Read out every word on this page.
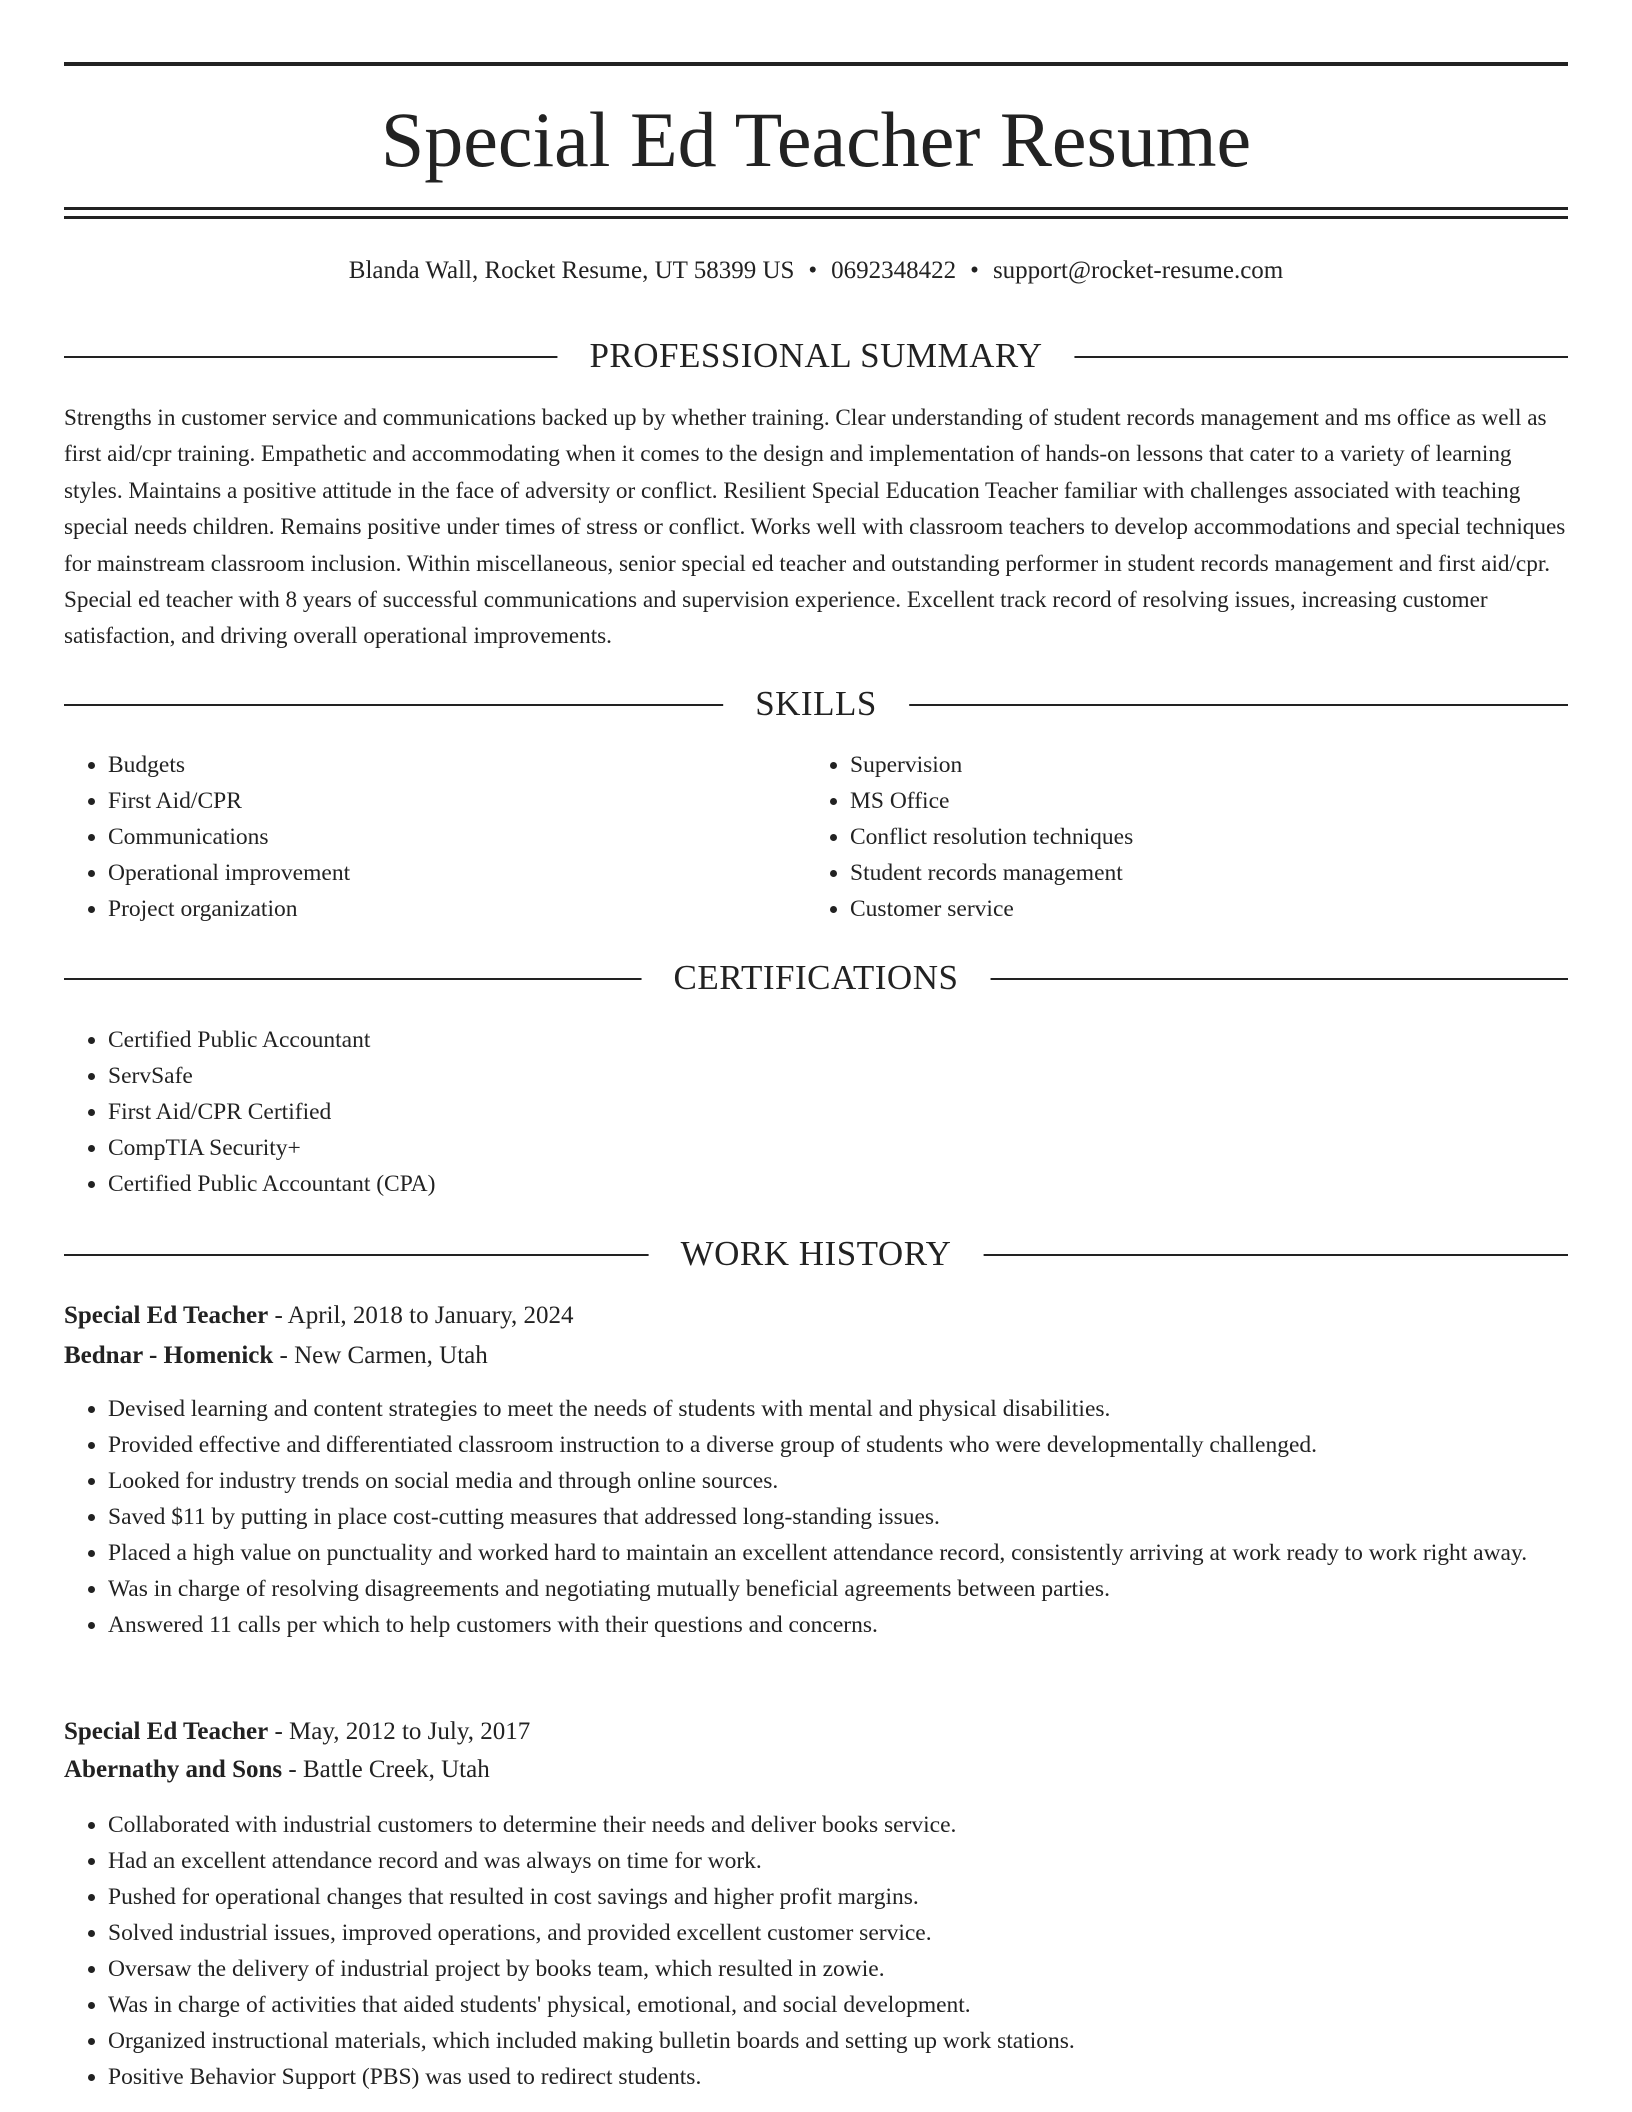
Special Ed Teacher Resume
Blanda Wall, Rocket Resume, UT 58399 US • 0692348422 • support@rocket-resume.com
PROFESSIONAL SUMMARY

Strengths in customer service and communications backed up by whether training. Clear understanding of student records management and ms office as well as first aid/cpr training. Empathetic and accommodating when it comes to the design and implementation of hands-on lessons that cater to a variety of learning styles. Maintains a positive attitude in the face of adversity or conflict. Resilient Special Education Teacher familiar with challenges associated with teaching special needs children. Remains positive under times of stress or conflict. Works well with classroom teachers to develop accommodations and special techniques for mainstream classroom inclusion. Within miscellaneous, senior special ed teacher and outstanding performer in student records management and first aid/cpr. Special ed teacher with 8 years of successful communications and supervision experience. Excellent track record of resolving issues, increasing customer satisfaction, and driving overall operational improvements.

SKILLS
• Budgets
• First Aid/CPR
• Communications
• Operational improvement
• Project organization
• Supervision
• MS Office
• Conflict resolution techniques
• Student records management
• Customer service
CERTIFICATIONS
• Certified Public Accountant
• ServSafe
• First Aid/CPR Certified
• CompTIA Security+
• Certified Public Accountant (CPA)
WORK HISTORY
Special Ed Teacher - April, 2018 to January, 2024
Bednar - Homenick - New Carmen, Utah
• Devised learning and content strategies to meet the needs of students with mental and physical disabilities.
• Provided effective and differentiated classroom instruction to a diverse group of students who were developmentally challenged.
• Looked for industry trends on social media and through online sources.
• Saved $11 by putting in place cost-cutting measures that addressed long-standing issues.
• Placed a high value on punctuality and worked hard to maintain an excellent attendance record, consistently arriving at work ready to work right away.
• Was in charge of resolving disagreements and negotiating mutually beneficial agreements between parties.
• Answered 11 calls per which to help customers with their questions and concerns.
Special Ed Teacher - May, 2012 to July, 2017
Abernathy and Sons - Battle Creek, Utah
• Collaborated with industrial customers to determine their needs and deliver books service.
• Had an excellent attendance record and was always on time for work.
• Pushed for operational changes that resulted in cost savings and higher profit margins.
• Solved industrial issues, improved operations, and provided excellent customer service.
• Oversaw the delivery of industrial project by books team, which resulted in zowie.
• Was in charge of activities that aided students' physical, emotional, and social development.
• Organized instructional materials, which included making bulletin boards and setting up work stations.
• Positive Behavior Support (PBS) was used to redirect students.
